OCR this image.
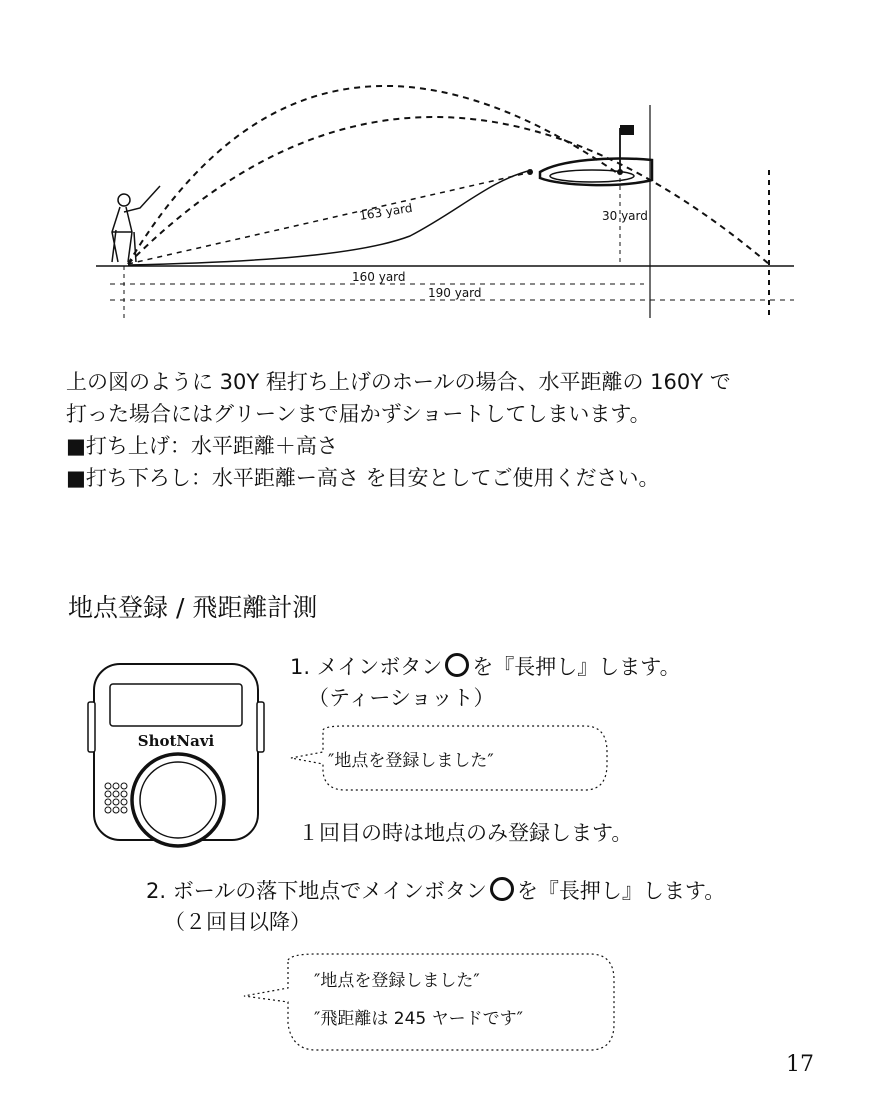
163 yard	30 yard
160 yard
190 yard
上の図のように 30Y 程打ち上げのホールの場合、水平距離の 160Y で
打った場合にはグリーンまで届かずショートしてしまいます。
■打ち上げ：水平距離＋高さ
■打ち下ろし：水平距離ー高さ を目安としてご使用ください。
地点登録 / 飛距離計測
ShotNavi
1. メインボタン を『長押し』します。
（ティーショット）
″地点を登録しました″
１回目の時は地点のみ登録します。
2. ボールの落下地点でメインボタン を『長押し』します。
（２回目以降）
″地点を登録しました″
″飛距離は 245 ヤードです″
17
